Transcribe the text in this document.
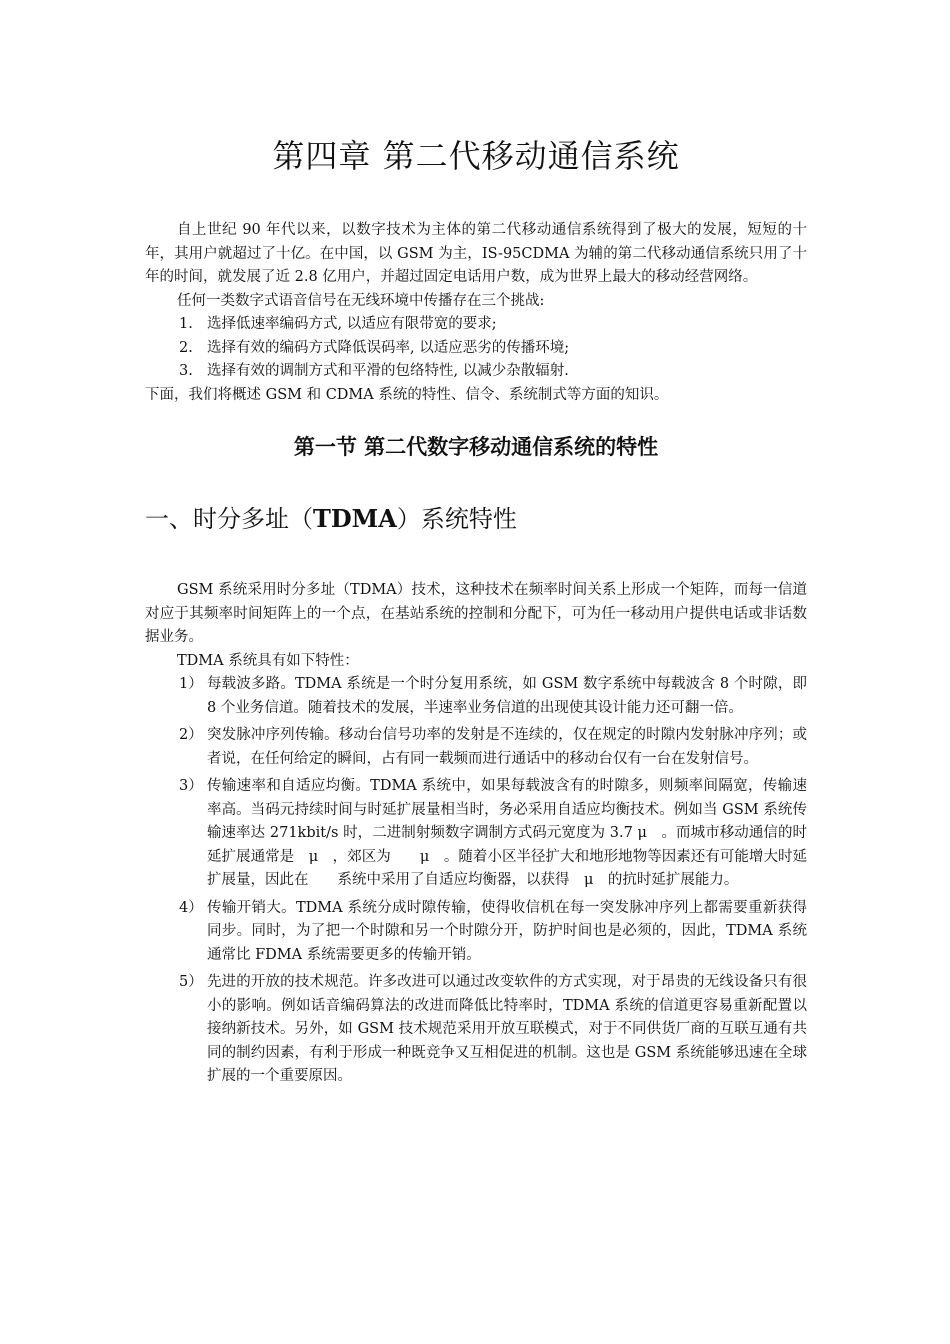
第四章 第二代移动通信系统

自上世纪 90 年代以来，以数字技术为主体的第二代移动通信系统得到了极大的发展，短短的十年，其用户就超过了十亿。在中国，以 GSM 为主，IS-95CDMA 为辅的第二代移动通信系统只用了十年的时间，就发展了近 2.8 亿用户，并超过固定电话用户数，成为世界上最大的移动经营网络。

任何一类数字式语音信号在无线环境中传播存在三个挑战:

1. 选择低速率编码方式, 以适应有限带宽的要求;
2. 选择有效的编码方式降低误码率, 以适应恶劣的传播环境;
3. 选择有效的调制方式和平滑的包络特性, 以减少杂散辐射.

下面，我们将概述 GSM 和 CDMA 系统的特性、信令、系统制式等方面的知识。

第一节 第二代数字移动通信系统的特性
一、时分多址（TDMA）系统特性

GSM 系统采用时分多址（TDMA）技术，这种技术在频率时间关系上形成一个矩阵，而每一信道对应于其频率时间矩阵上的一个点，在基站系统的控制和分配下，可为任一移动用户提供电话或非话数据业务。

TDMA 系统具有如下特性：

1） 每载波多路。TDMA 系统是一个时分复用系统，如 GSM 数字系统中每载波含 8 个时隙，即 8 个业务信道。随着技术的发展，半速率业务信道的出现使其设计能力还可翻一倍。
2） 突发脉冲序列传输。移动台信号功率的发射是不连续的，仅在规定的时隙内发射脉冲序列；或者说，在任何给定的瞬间，占有同一载频而进行通话中的移动台仅有一台在发射信号。
3） 传输速率和自适应均衡。TDMA 系统中，如果每载波含有的时隙多，则频率间隔宽，传输速率高。当码元持续时间与时延扩展量相当时，务必采用自适应均衡技术。例如当 GSM 系统传输速率达 271kbit/s 时，二进制射频数字调制方式码元宽度为 3.7 μ　。而城市移动通信的时延扩展通常是　μ　，郊区为　　μ　。随着小区半径扩大和地形地物等因素还有可能增大时延扩展量，因此在　　系统中采用了自适应均衡器，以获得　μ　的抗时延扩展能力。
4） 传输开销大。TDMA 系统分成时隙传输，使得收信机在每一突发脉冲序列上都需要重新获得同步。同时，为了把一个时隙和另一个时隙分开，防护时间也是必须的，因此，TDMA 系统通常比 FDMA 系统需要更多的传输开销。
5） 先进的开放的技术规范。许多改进可以通过改变软件的方式实现，对于昂贵的无线设备只有很小的影响。例如话音编码算法的改进而降低比特率时，TDMA 系统的信道更容易重新配置以接纳新技术。另外，如 GSM 技术规范采用开放互联模式，对于不同供货厂商的互联互通有共同的制约因素，有利于形成一种既竞争又互相促进的机制。这也是 GSM 系统能够迅速在全球扩展的一个重要原因。
